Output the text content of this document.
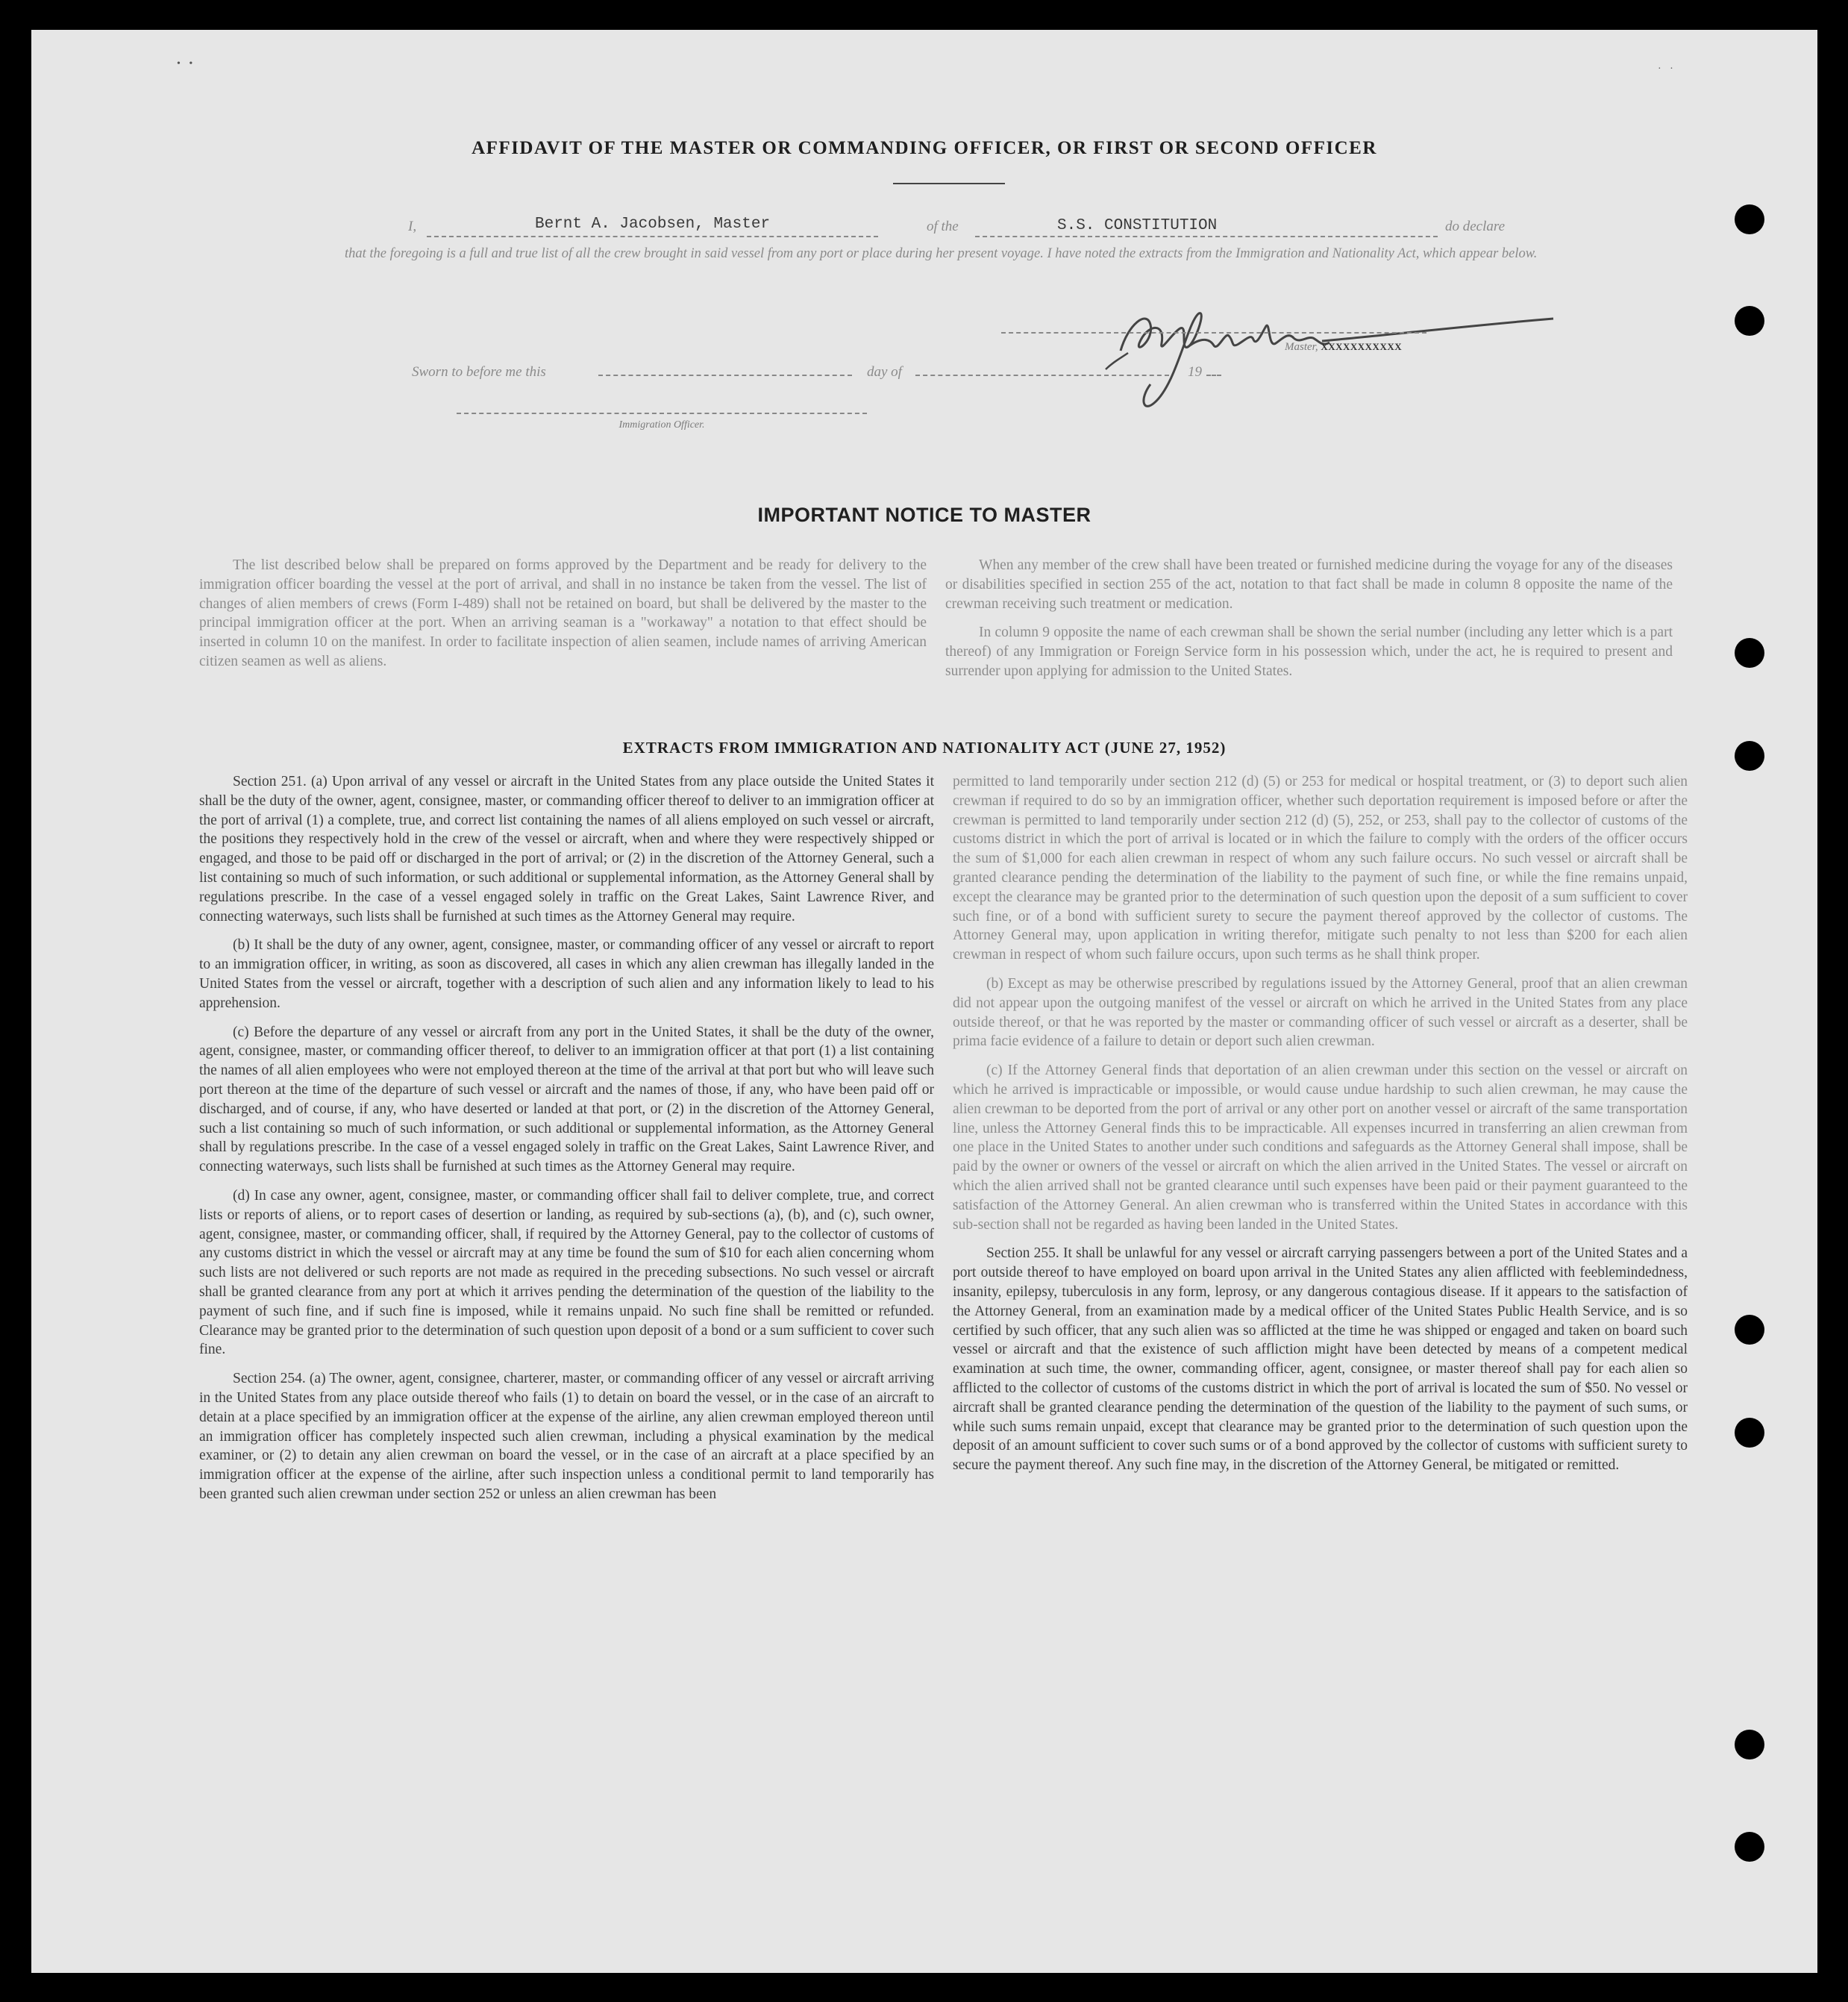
• •	· ·
AFFIDAVIT OF THE MASTER OR COMMANDING OFFICER, OR FIRST OR SECOND OFFICER
I,	Bernt A. Jacobsen, Master	of the	S.S. CONSTITUTION	do declare
that the foregoing is a full and true list of all the crew brought in said vessel from any port or place during her present voyage. I have noted the extracts from the Immigration and Nationality Act, which appear below.
Master, XXXXXXXXXXX
Sworn to before me this	day of	19
Immigration Officer.
IMPORTANT NOTICE TO MASTER

The list described below shall be prepared on forms approved by the Department and be ready for delivery to the immigration officer boarding the vessel at the port of arrival, and shall in no instance be taken from the vessel. The list of changes of alien members of crews (Form I-489) shall not be retained on board, but shall be delivered by the master to the principal immigration officer at the port. When an arriving seaman is a "workaway" a notation to that effect should be inserted in column 10 on the manifest. In order to facilitate inspection of alien seamen, include names of arriving American citizen seamen as well as aliens.

When any member of the crew shall have been treated or furnished medicine during the voyage for any of the diseases or disabilities specified in section 255 of the act, notation to that fact shall be made in column 8 opposite the name of the crewman receiving such treatment or medication.

In column 9 opposite the name of each crewman shall be shown the serial number (including any letter which is a part thereof) of any Immigration or Foreign Service form in his possession which, under the act, he is required to present and surrender upon applying for admission to the United States.

EXTRACTS FROM IMMIGRATION AND NATIONALITY ACT (JUNE 27, 1952)

Section 251. (a) Upon arrival of any vessel or aircraft in the United States from any place outside the United States it shall be the duty of the owner, agent, consignee, master, or commanding officer thereof to deliver to an immigration officer at the port of arrival (1) a complete, true, and correct list containing the names of all aliens employed on such vessel or aircraft, the positions they respectively hold in the crew of the vessel or aircraft, when and where they were respectively shipped or engaged, and those to be paid off or discharged in the port of arrival; or (2) in the discretion of the Attorney General, such a list containing so much of such information, or such additional or supplemental information, as the Attorney General shall by regulations prescribe. In the case of a vessel engaged solely in traffic on the Great Lakes, Saint Lawrence River, and connecting waterways, such lists shall be furnished at such times as the Attorney General may require.

(b) It shall be the duty of any owner, agent, consignee, master, or commanding officer of any vessel or aircraft to report to an immigration officer, in writing, as soon as discovered, all cases in which any alien crewman has illegally landed in the United States from the vessel or aircraft, together with a description of such alien and any information likely to lead to his apprehension.

(c) Before the departure of any vessel or aircraft from any port in the United States, it shall be the duty of the owner, agent, consignee, master, or commanding officer thereof, to deliver to an immigration officer at that port (1) a list containing the names of all alien employees who were not employed thereon at the time of the arrival at that port but who will leave such port thereon at the time of the departure of such vessel or aircraft and the names of those, if any, who have been paid off or discharged, and of course, if any, who have deserted or landed at that port, or (2) in the discretion of the Attorney General, such a list containing so much of such information, or such additional or supplemental information, as the Attorney General shall by regulations prescribe. In the case of a vessel engaged solely in traffic on the Great Lakes, Saint Lawrence River, and connecting waterways, such lists shall be furnished at such times as the Attorney General may require.

(d) In case any owner, agent, consignee, master, or commanding officer shall fail to deliver complete, true, and correct lists or reports of aliens, or to report cases of desertion or landing, as required by sub-sections (a), (b), and (c), such owner, agent, consignee, master, or commanding officer, shall, if required by the Attorney General, pay to the collector of customs of any customs district in which the vessel or aircraft may at any time be found the sum of $10 for each alien concerning whom such lists are not delivered or such reports are not made as required in the preceding subsections. No such vessel or aircraft shall be granted clearance from any port at which it arrives pending the determination of the question of the liability to the payment of such fine, and if such fine is imposed, while it remains unpaid. No such fine shall be remitted or refunded. Clearance may be granted prior to the determination of such question upon deposit of a bond or a sum sufficient to cover such fine.

Section 254. (a) The owner, agent, consignee, charterer, master, or commanding officer of any vessel or aircraft arriving in the United States from any place outside thereof who fails (1) to detain on board the vessel, or in the case of an aircraft to detain at a place specified by an immigration officer at the expense of the airline, any alien crewman employed thereon until an immigration officer has completely inspected such alien crewman, including a physical examination by the medical examiner, or (2) to detain any alien crewman on board the vessel, or in the case of an aircraft at a place specified by an immigration officer at the expense of the airline, after such inspection unless a conditional permit to land temporarily has been granted such alien crewman under section 252 or unless an alien crewman has been

permitted to land temporarily under section 212 (d) (5) or 253 for medical or hospital treatment, or (3) to deport such alien crewman if required to do so by an immigration officer, whether such deportation requirement is imposed before or after the crewman is permitted to land temporarily under section 212 (d) (5), 252, or 253, shall pay to the collector of customs of the customs district in which the port of arrival is located or in which the failure to comply with the orders of the officer occurs the sum of $1,000 for each alien crewman in respect of whom any such failure occurs. No such vessel or aircraft shall be granted clearance pending the determination of the liability to the payment of such fine, or while the fine remains unpaid, except the clearance may be granted prior to the determination of such question upon the deposit of a sum sufficient to cover such fine, or of a bond with sufficient surety to secure the payment thereof approved by the collector of customs. The Attorney General may, upon application in writing therefor, mitigate such penalty to not less than $200 for each alien crewman in respect of whom such failure occurs, upon such terms as he shall think proper.

(b) Except as may be otherwise prescribed by regulations issued by the Attorney General, proof that an alien crewman did not appear upon the outgoing manifest of the vessel or aircraft on which he arrived in the United States from any place outside thereof, or that he was reported by the master or commanding officer of such vessel or aircraft as a deserter, shall be prima facie evidence of a failure to detain or deport such alien crewman.

(c) If the Attorney General finds that deportation of an alien crewman under this section on the vessel or aircraft on which he arrived is impracticable or impossible, or would cause undue hardship to such alien crewman, he may cause the alien crewman to be deported from the port of arrival or any other port on another vessel or aircraft of the same transportation line, unless the Attorney General finds this to be impracticable. All expenses incurred in transferring an alien crewman from one place in the United States to another under such conditions and safeguards as the Attorney General shall impose, shall be paid by the owner or owners of the vessel or aircraft on which the alien arrived in the United States. The vessel or aircraft on which the alien arrived shall not be granted clearance until such expenses have been paid or their payment guaranteed to the satisfaction of the Attorney General. An alien crewman who is transferred within the United States in accordance with this sub-section shall not be regarded as having been landed in the United States.

Section 255. It shall be unlawful for any vessel or aircraft carrying passengers between a port of the United States and a port outside thereof to have employed on board upon arrival in the United States any alien afflicted with feeblemindedness, insanity, epilepsy, tuberculosis in any form, leprosy, or any dangerous contagious disease. If it appears to the satisfaction of the Attorney General, from an examination made by a medical officer of the United States Public Health Service, and is so certified by such officer, that any such alien was so afflicted at the time he was shipped or engaged and taken on board such vessel or aircraft and that the existence of such affliction might have been detected by means of a competent medical examination at such time, the owner, commanding officer, agent, consignee, or master thereof shall pay for each alien so afflicted to the collector of customs of the customs district in which the port of arrival is located the sum of $50. No vessel or aircraft shall be granted clearance pending the determination of the question of the liability to the payment of such sums, or while such sums remain unpaid, except that clearance may be granted prior to the determination of such question upon the deposit of an amount sufficient to cover such sums or of a bond approved by the collector of customs with sufficient surety to secure the payment thereof. Any such fine may, in the discretion of the Attorney General, be mitigated or remitted.
